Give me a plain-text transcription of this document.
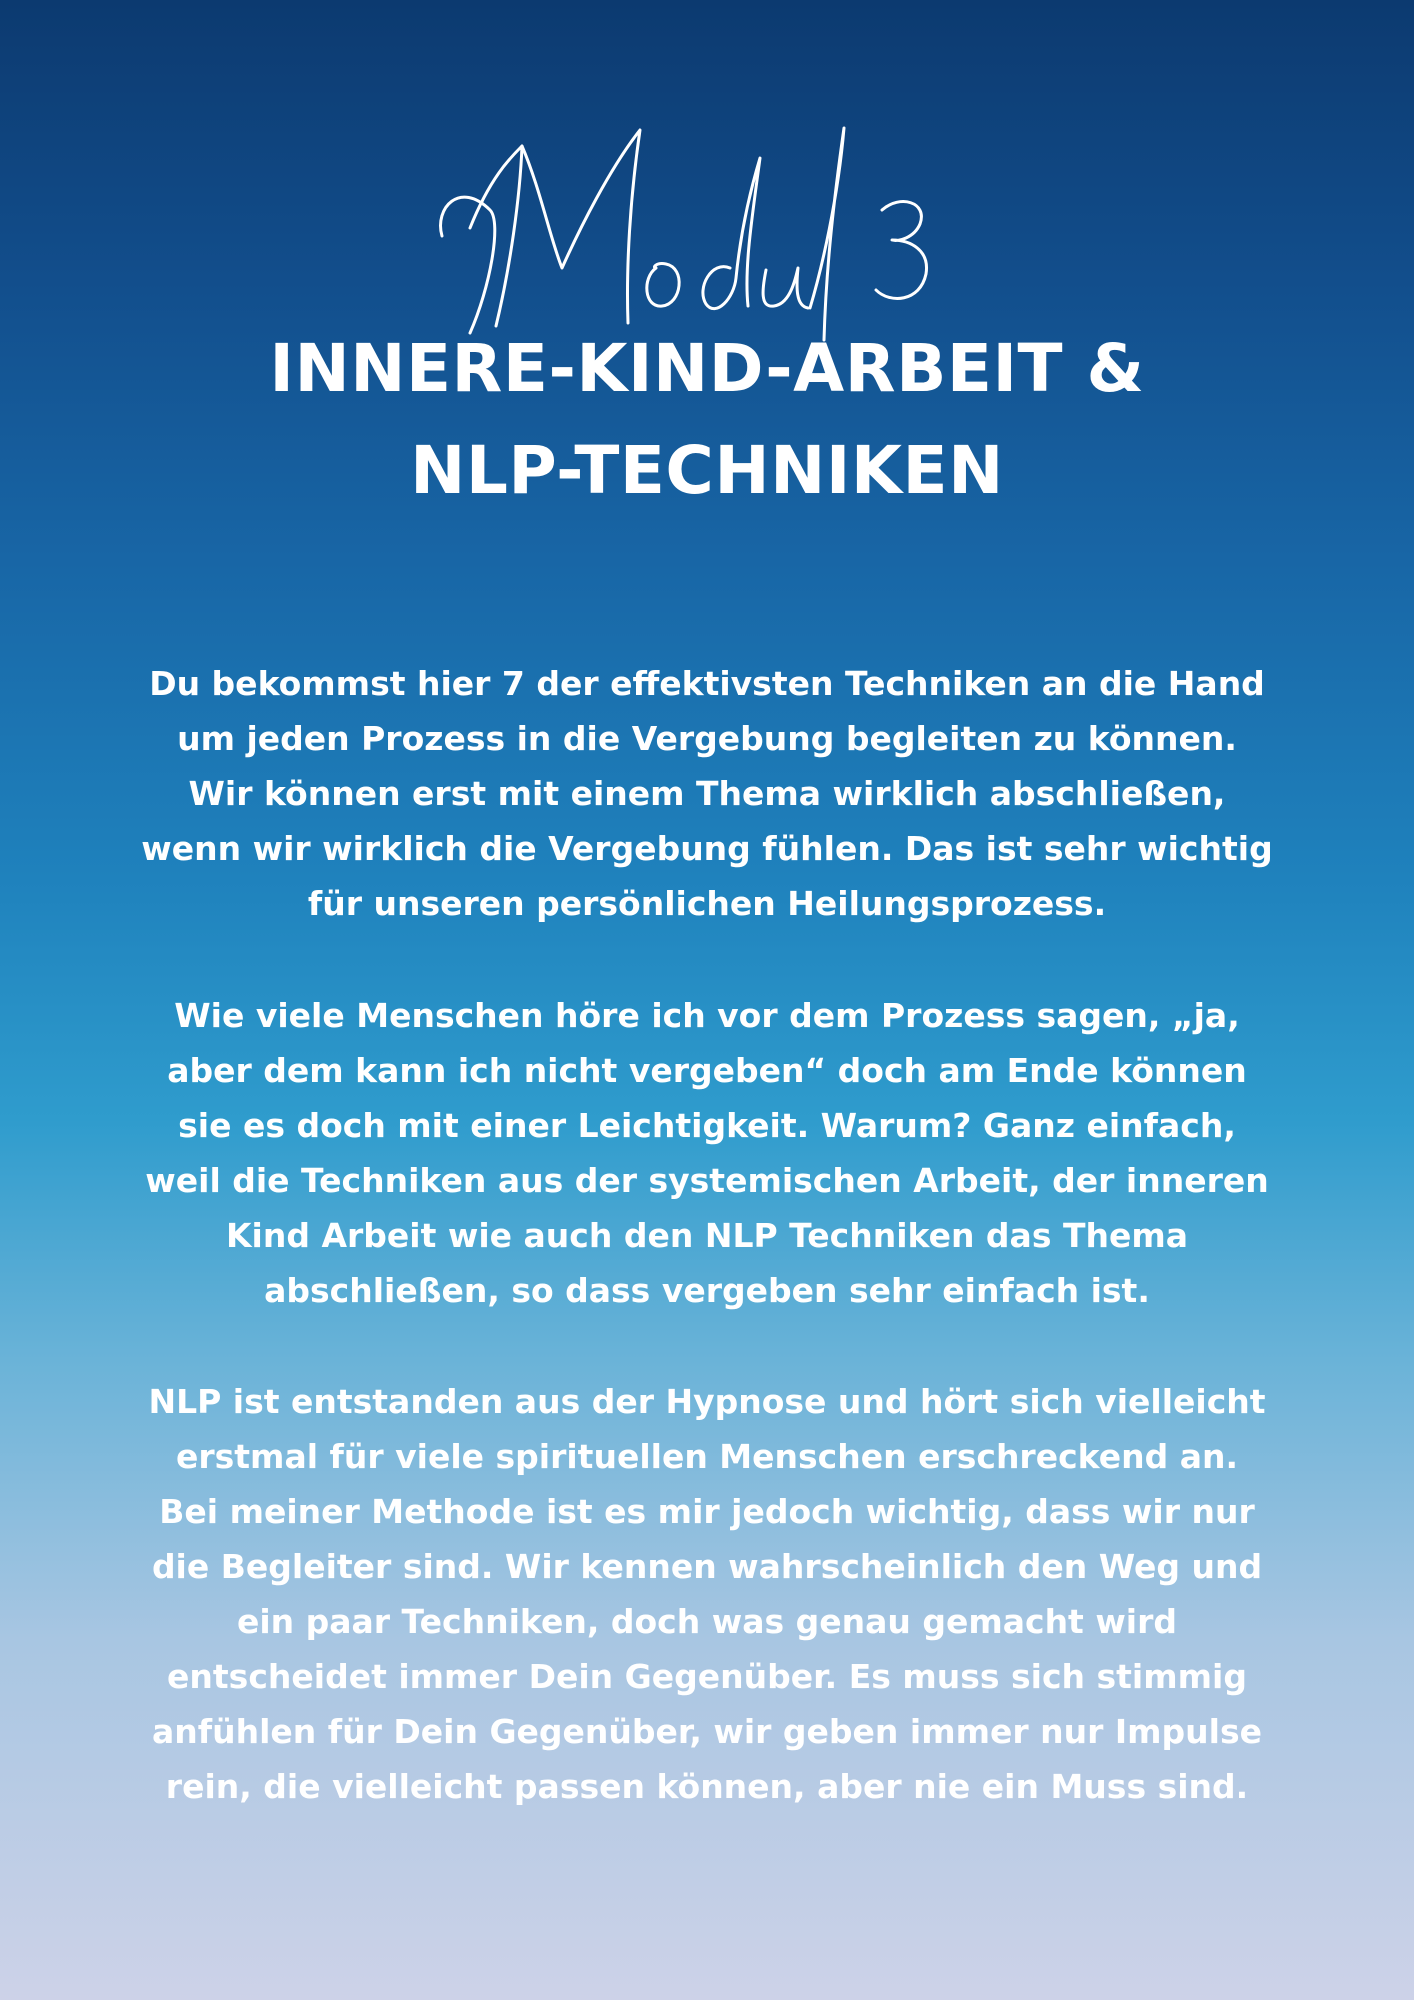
INNERE-KIND-ARBEIT &
NLP-TECHNIKEN
Du bekommst hier 7 der effektivsten Techniken an die Hand
um jeden Prozess in die Vergebung begleiten zu können.
Wir können erst mit einem Thema wirklich abschließen,
wenn wir wirklich die Vergebung fühlen. Das ist sehr wichtig
für unseren persönlichen Heilungsprozess.
Wie viele Menschen höre ich vor dem Prozess sagen, „ja,
aber dem kann ich nicht vergeben“ doch am Ende können
sie es doch mit einer Leichtigkeit. Warum? Ganz einfach,
weil die Techniken aus der systemischen Arbeit, der inneren
Kind Arbeit wie auch den NLP Techniken das Thema
abschließen, so dass vergeben sehr einfach ist.
NLP ist entstanden aus der Hypnose und hört sich vielleicht
erstmal für viele spirituellen Menschen erschreckend an.
Bei meiner Methode ist es mir jedoch wichtig, dass wir nur
die Begleiter sind. Wir kennen wahrscheinlich den Weg und
ein paar Techniken, doch was genau gemacht wird
entscheidet immer Dein Gegenüber. Es muss sich stimmig
anfühlen für Dein Gegenüber, wir geben immer nur Impulse
rein, die vielleicht passen können, aber nie ein Muss sind.
